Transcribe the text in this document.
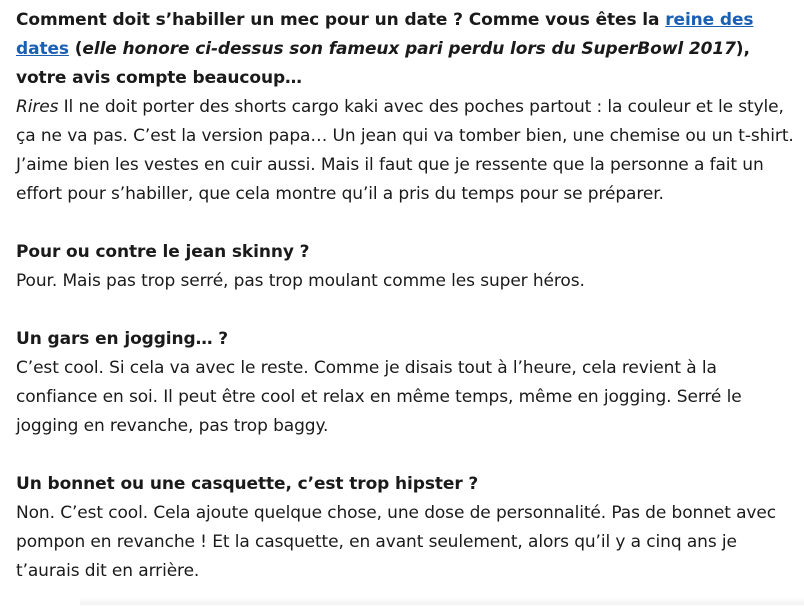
Comment doit s’habiller un mec pour un date ? Comme vous êtes la reine des dates (elle honore ci-dessus son fameux pari perdu lors du SuperBowl 2017), votre avis compte beaucoup…
Rires Il ne doit porter des shorts cargo kaki avec des poches partout : la couleur et le style, ça ne va pas. C’est la version papa… Un jean qui va tomber bien, une chemise ou un t-shirt. J’aime bien les vestes en cuir aussi. Mais il faut que je ressente que la personne a fait un effort pour s’habiller, que cela montre qu’il a pris du temps pour se préparer.
Pour ou contre le jean skinny ?
Pour. Mais pas trop serré, pas trop moulant comme les super héros.
Un gars en jogging… ?
C’est cool. Si cela va avec le reste. Comme je disais tout à l’heure, cela revient à la confiance en soi. Il peut être cool et relax en même temps, même en jogging. Serré le jogging en revanche, pas trop baggy.
Un bonnet ou une casquette, c’est trop hipster ?
Non. C’est cool. Cela ajoute quelque chose, une dose de personnalité. Pas de bonnet avec pompon en revanche ! Et la casquette, en avant seulement, alors qu’il y a cinq ans je t’aurais dit en arrière.
